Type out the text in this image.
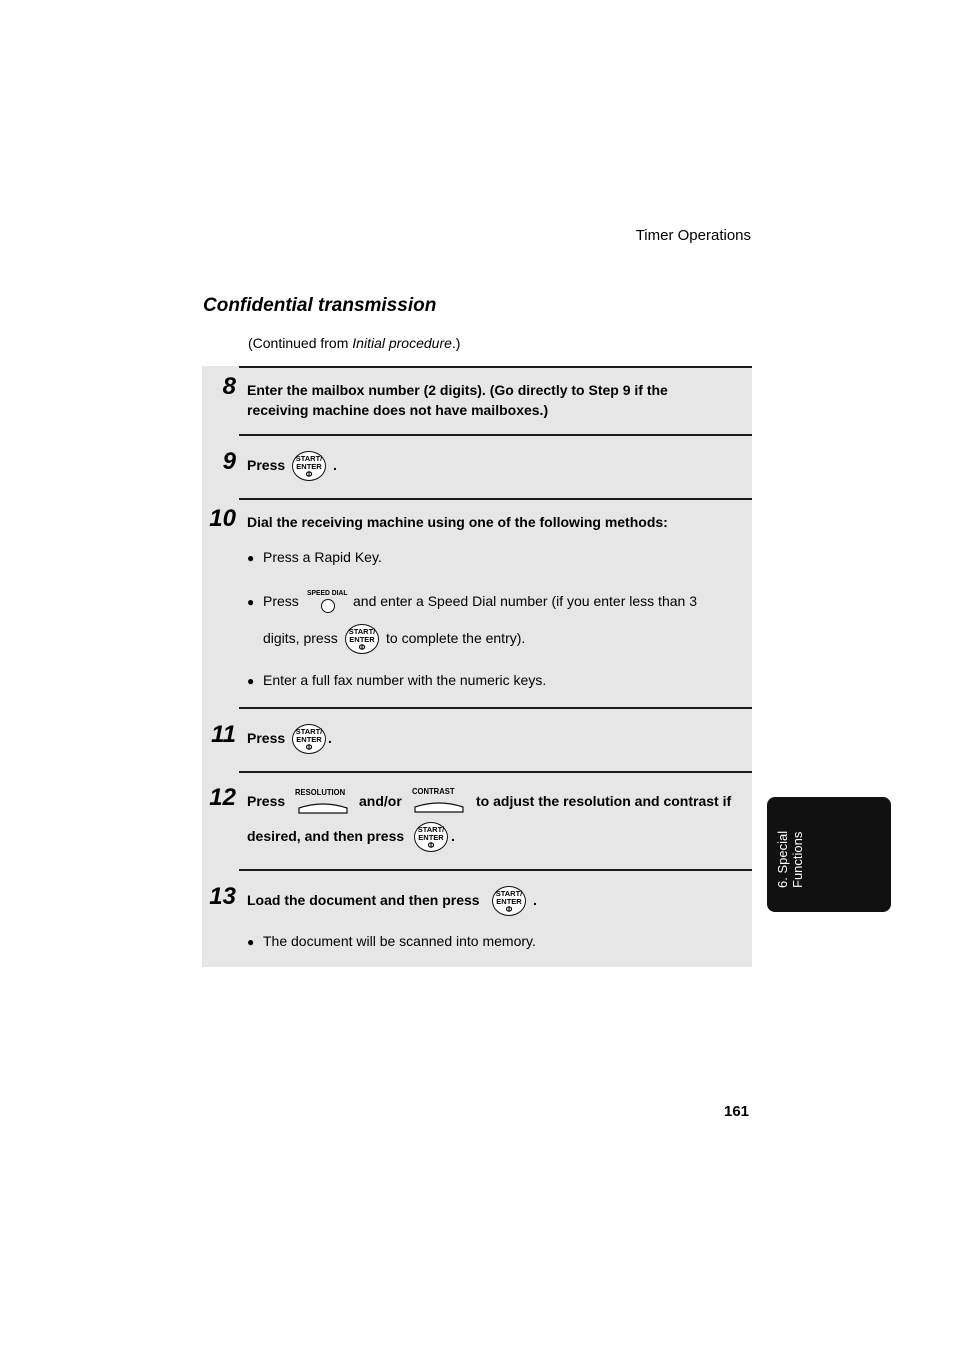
Timer Operations
Confidential transmission
(Continued from Initial procedure.)
8 Enter the mailbox number (2 digits). (Go directly to Step 9 if the
receiving machine does not have mailboxes.)
9 Press	START/
ENTER
Φ
.
10 Dial the receiving machine using one of the following methods:
● Press a Rapid Key.
● Press
SPEED DIAL
and enter a Speed Dial number (if you enter less than 3
digits, press	START/
ENTER
Φ
to complete the entry).
● Enter a full fax number with the numeric keys.
11 Press	START/
ENTER
Φ
.
12 Press
RESOLUTION
and/or
CONTRAST
to adjust the resolution and contrast if
desired, and then press	START/
ENTER
Φ
.
13 Load the document and then press	START/
ENTER
Φ
.
● The document will be scanned into memory.
6. Special Functions
161
